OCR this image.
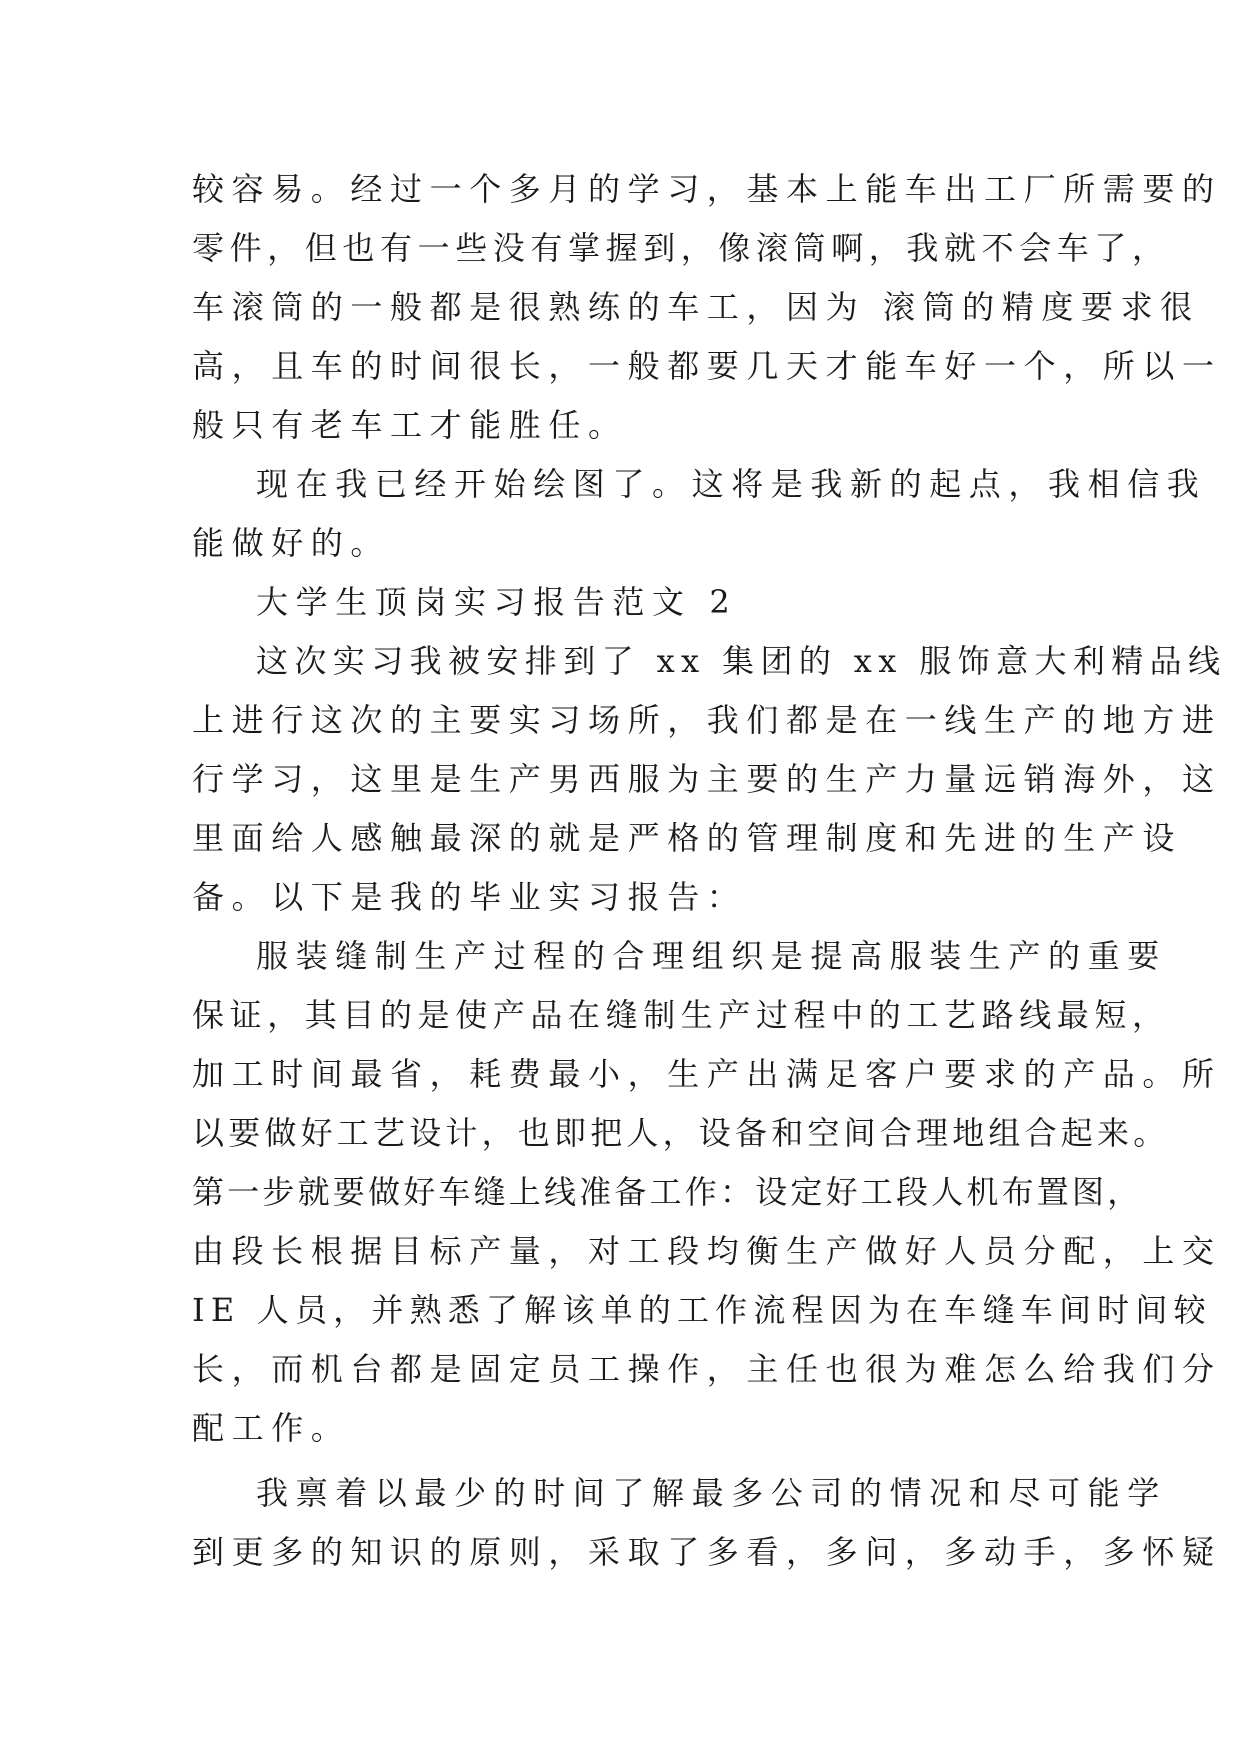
较容易。经过一个多月的学习，基本上能车出工厂所需要的
零件，但也有一些没有掌握到，像滚筒啊，我就不会车了，
车滚筒的一般都是很熟练的车工，因为 滚筒的精度要求很
高，且车的时间很长，一般都要几天才能车好一个，所以一
般只有老车工才能胜任。
现在我已经开始绘图了。这将是我新的起点，我相信我
能做好的。
大学生顶岗实习报告范文 2
这次实习我被安排到了 xx 集团的 xx 服饰意大利精品线
上进行这次的主要实习场所，我们都是在一线生产的地方进
行学习，这里是生产男西服为主要的生产力量远销海外，这
里面给人感触最深的就是严格的管理制度和先进的生产设
备。以下是我的毕业实习报告：
服装缝制生产过程的合理组织是提高服装生产的重要
保证，其目的是使产品在缝制生产过程中的工艺路线最短，
加工时间最省，耗费最小，生产出满足客户要求的产品。所
以要做好工艺设计，也即把人，设备和空间合理地组合起来。
第一步就要做好车缝上线准备工作：设定好工段人机布置图，
由段长根据目标产量，对工段均衡生产做好人员分配，上交
IE 人员，并熟悉了解该单的工作流程因为在车缝车间时间较
长，而机台都是固定员工操作，主任也很为难怎么给我们分
配工作。
我禀着以最少的时间了解最多公司的情况和尽可能学
到更多的知识的原则，采取了多看，多问，多动手，多怀疑
